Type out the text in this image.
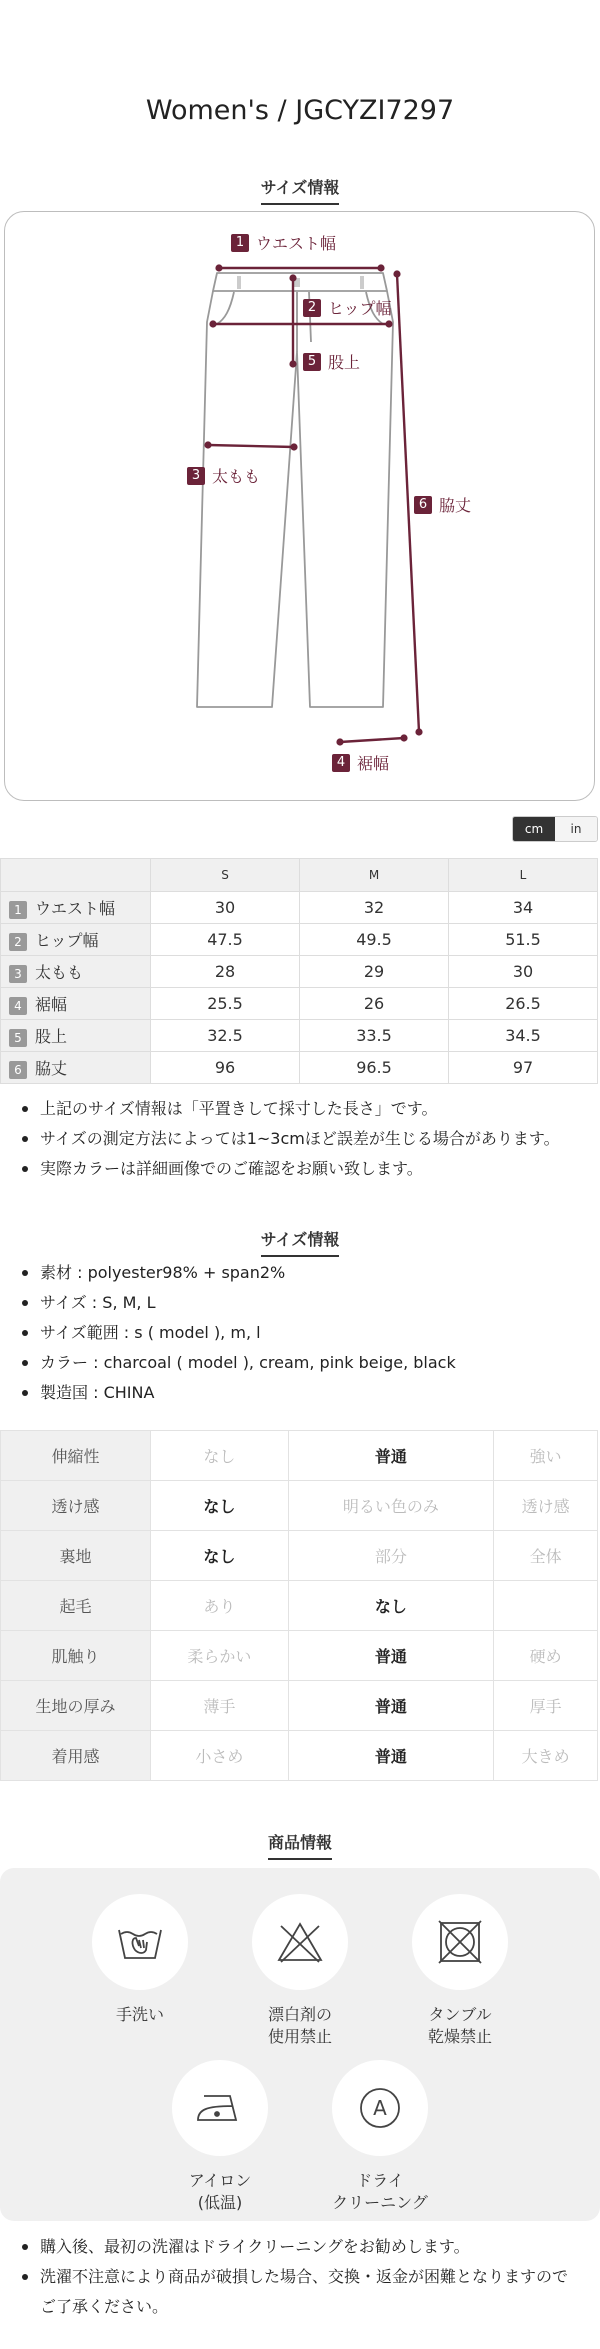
Women's / JGCYZI7297
サイズ情報
1 ウエスト幅
2 ヒップ幅
3 太もも
4 裾幅
5 股上
6 脇丈
cm	in
	S	M	L
1 ウエスト幅	30	32	34
2 ヒップ幅	47.5	49.5	51.5
3 太もも	28	29	30
4 裾幅	25.5	26	26.5
5 股上	32.5	33.5	34.5
6 脇丈	96	96.5	97
上記のサイズ情報は「平置きして採寸した長さ」です。
サイズの測定方法によっては1~3cmほど誤差が生じる場合があります。
実際カラーは詳細画像でのご確認をお願い致します。
サイズ情報
素材 : polyester98% + span2%
サイズ : S, M, L
サイズ範囲 : s ( model ), m, l
カラー : charcoal ( model ), cream, pink beige, black
製造国 : CHINA
伸縮性	なし	普通	強い
透け感	なし	明るい色のみ	透け感
裏地	なし	部分	全体
起毛	あり	なし	
肌触り	柔らかい	普通	硬め
生地の厚み	薄手	普通	厚手
着用感	小さめ	普通	大きめ
商品情報
手洗い	漂白剤の
使用禁止
タンブル
乾燥禁止
アイロン
(低温)
A
ドライ
クリーニング
購入後、最初の洗濯はドライクリーニングをお勧めします。
洗濯不注意により商品が破損した場合、交換・返金が困難となりますので ご了承ください。
